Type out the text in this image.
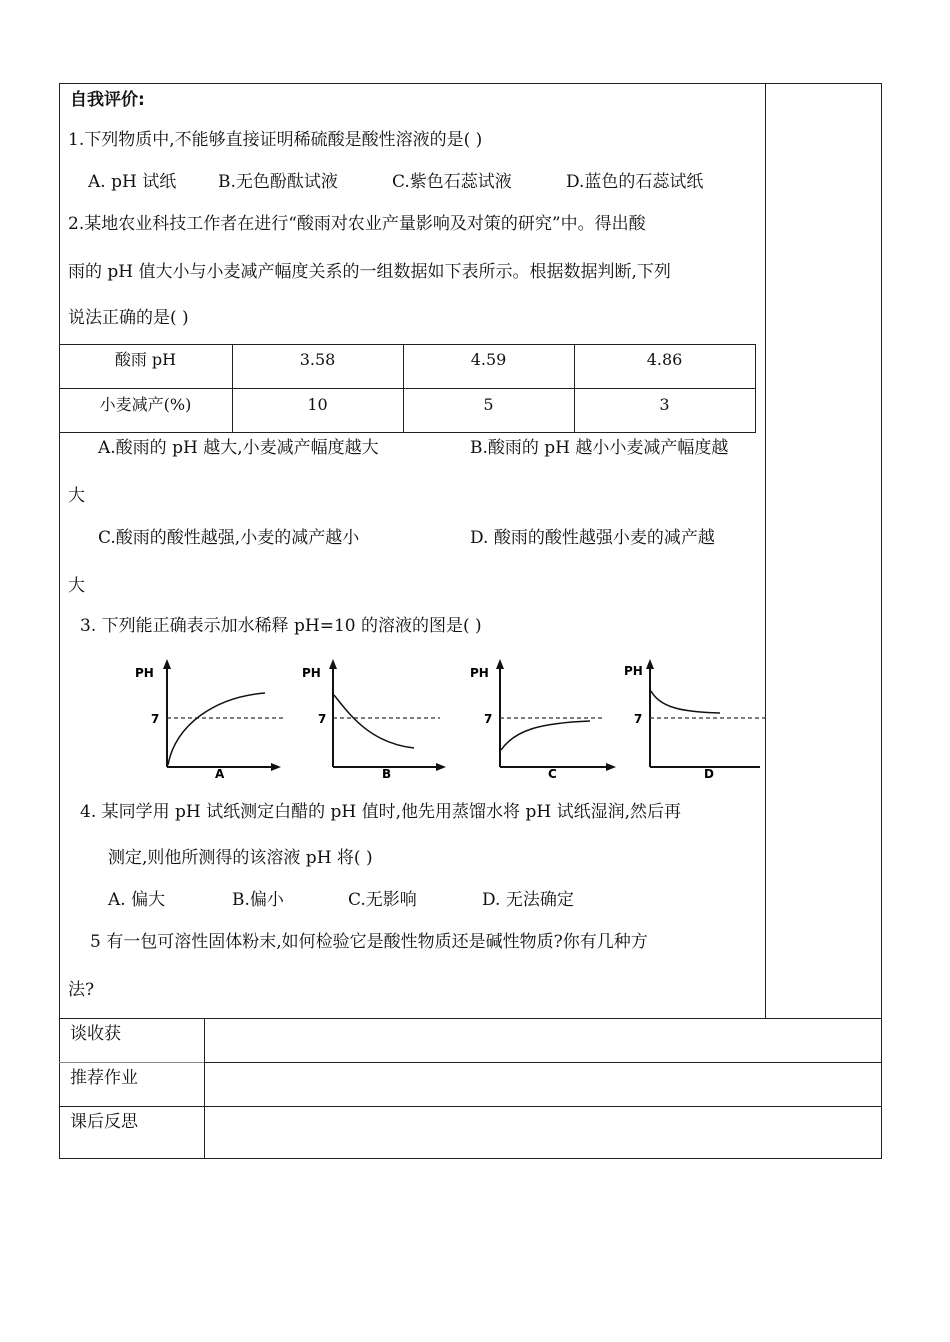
自我评价:
1.下列物质中,不能够直接证明稀硫酸是酸性溶液的是( )
A. pH 试纸 B.无色酚酞试液	C.紫色石蕊试液	D.蓝色的石蕊试纸
2.某地农业科技工作者在进行“酸雨对农业产量影响及对策的研究”中。得出酸
雨的 pH 值大小与小麦减产幅度关系的一组数据如下表所示。根据数据判断,下列
说法正确的是( )
酸雨 pH	3.58	4.59	4.86
小麦减产(%)	10	5	3
A.酸雨的 pH 越大,小麦减产幅度越大	B.酸雨的 pH 越小小麦减产幅度越
大
C.酸雨的酸性越强,小麦的减产越小	D. 酸雨的酸性越强小麦的减产越
大
3. 下列能正确表示加水稀释 pH=10 的溶液的图是( )
PH
7
A
PH
7
B
PH
7
C
PH
7
D
4. 某同学用 pH 试纸测定白醋的 pH 值时,他先用蒸馏水将 pH 试纸湿润,然后再
测定,则他所测得的该溶液 pH 将( )
A. 偏大	B.偏小	C.无影响	D. 无法确定
5 有一包可溶性固体粉末,如何检验它是酸性物质还是碱性物质?你有几种方
法?
谈收获
推荐作业
课后反思
